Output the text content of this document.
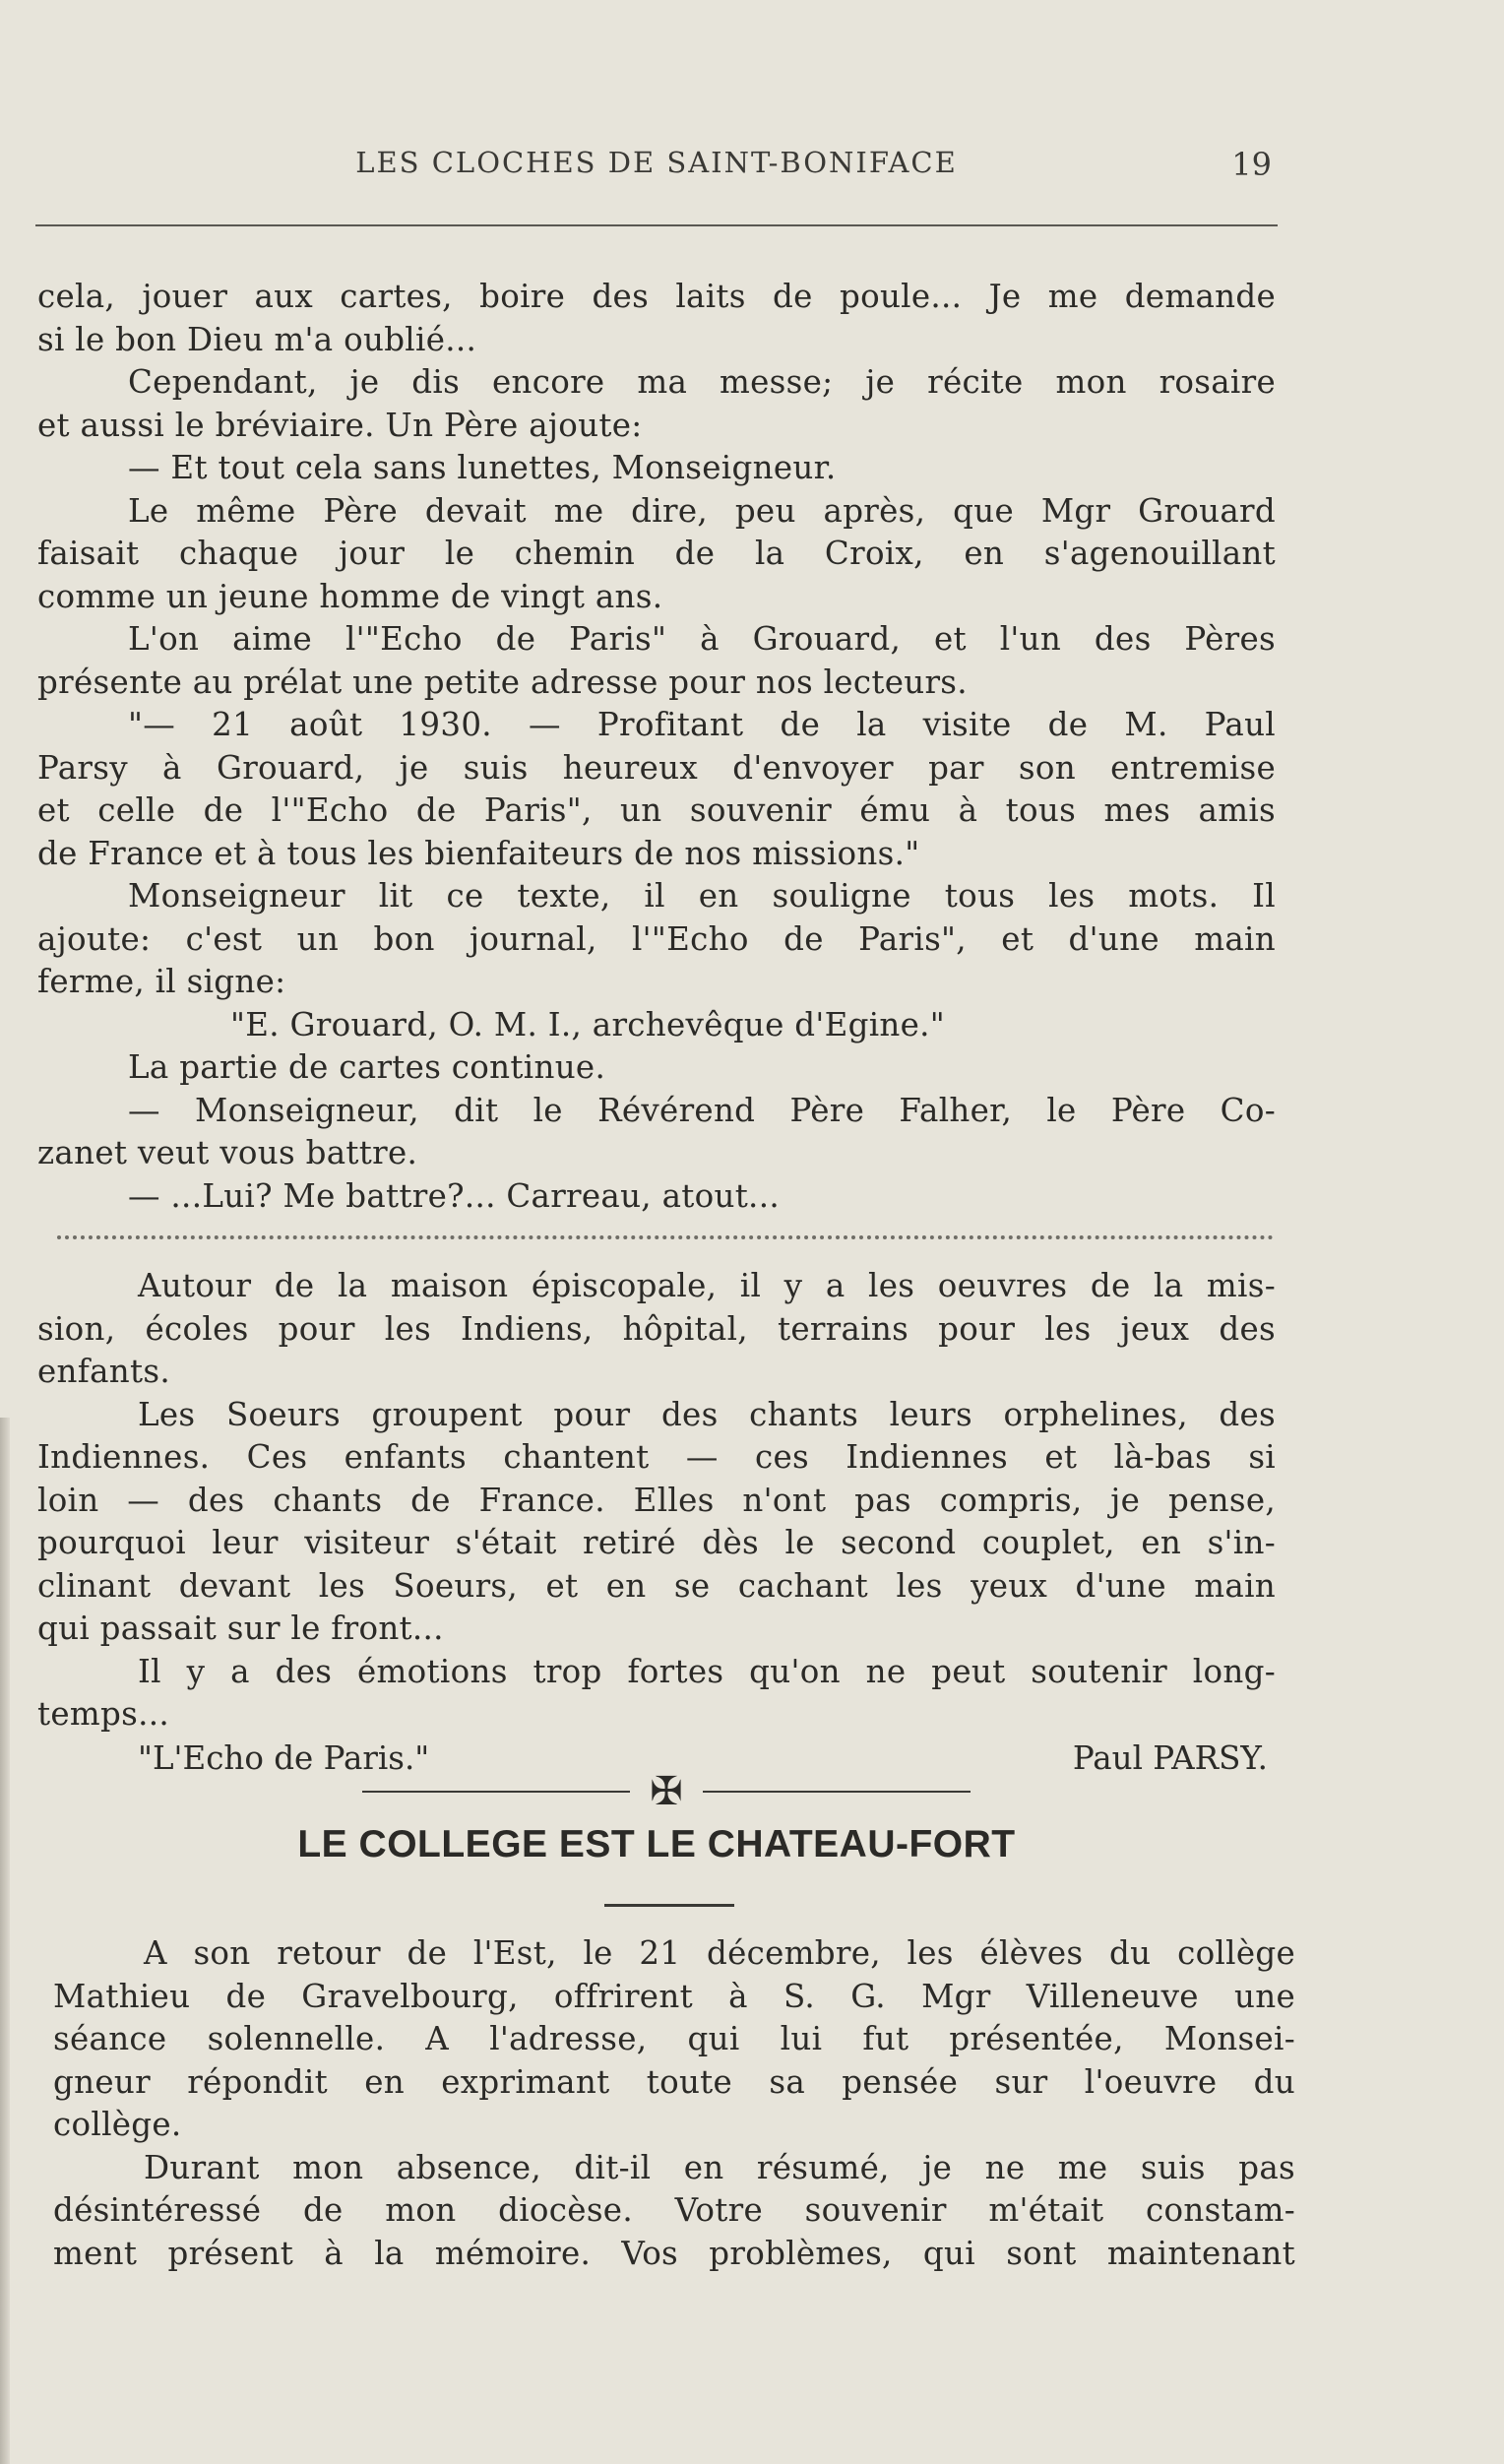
LES CLOCHES DE SAINT-BONIFACE	19

cela, jouer aux cartes, boire des laits de poule... Je me demande

si le bon Dieu m'a oublié...

Cependant, je dis encore ma messe; je récite mon rosaire

et aussi le bréviaire. Un Père ajoute:

— Et tout cela sans lunettes, Monseigneur.

Le même Père devait me dire, peu après, que Mgr Grouard

faisait chaque jour le chemin de la Croix, en s'agenouillant

comme un jeune homme de vingt ans.

L'on aime l'"Echo de Paris" à Grouard, et l'un des Pères

présente au prélat une petite adresse pour nos lecteurs.

"— 21 août 1930. — Profitant de la visite de M. Paul

Parsy à Grouard, je suis heureux d'envoyer par son entremise

et celle de l'"Echo de Paris", un souvenir ému à tous mes amis

de France et à tous les bienfaiteurs de nos missions."

Monseigneur lit ce texte, il en souligne tous les mots. Il

ajoute: c'est un bon journal, l'"Echo de Paris", et d'une main

ferme, il signe:

"E. Grouard, O. M. I., archevêque d'Egine."

La partie de cartes continue.

— Monseigneur, dit le Révérend Père Falher, le Père Co-

zanet veut vous battre.

— ...Lui? Me battre?... Carreau, atout...

Autour de la maison épiscopale, il y a les oeuvres de la mis-

sion, écoles pour les Indiens, hôpital, terrains pour les jeux des

enfants.

Les Soeurs groupent pour des chants leurs orphelines, des

Indiennes. Ces enfants chantent — ces Indiennes et là-bas si

loin — des chants de France. Elles n'ont pas compris, je pense,

pourquoi leur visiteur s'était retiré dès le second couplet, en s'in-

clinant devant les Soeurs, et en se cachant les yeux d'une main

qui passait sur le front...

Il y a des émotions trop fortes qu'on ne peut soutenir long-

temps...

"L'Echo de Paris."	Paul PARSY.
✠
LE COLLEGE EST LE CHATEAU-FORT

A son retour de l'Est, le 21 décembre, les élèves du collège

Mathieu de Gravelbourg, offrirent à S. G. Mgr Villeneuve une

séance solennelle. A l'adresse, qui lui fut présentée, Monsei-

gneur répondit en exprimant toute sa pensée sur l'oeuvre du

collège.

Durant mon absence, dit-il en résumé, je ne me suis pas

désintéressé de mon diocèse. Votre souvenir m'était constam-

ment présent à la mémoire. Vos problèmes, qui sont maintenant
